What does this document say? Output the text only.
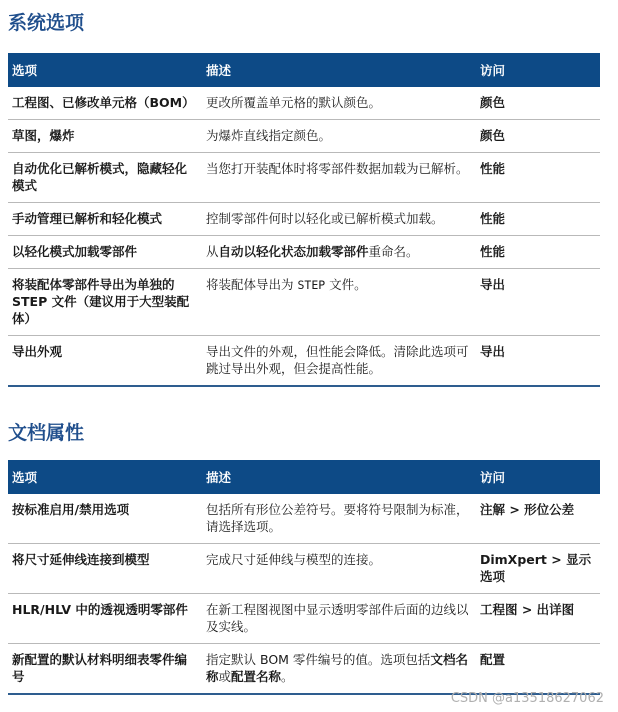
系统选项
选项	描述	访问
工程图、已修改单元格（BOM）	更改所覆盖单元格的默认颜色。	颜色
草图，爆炸	为爆炸直线指定颜色。	颜色
自动优化已解析模式，隐藏轻化模式	当您打开装配体时将零部件数据加载为已解析。	性能
手动管理已解析和轻化模式	控制零部件何时以轻化或已解析模式加载。	性能
以轻化模式加载零部件	从自动以轻化状态加载零部件重命名。	性能
将装配体零部件导出为单独的 STEP 文件（建议用于大型装配体）	将装配体导出为 STEP 文件。	导出
导出外观	导出文件的外观，但性能会降低。清除此选项可跳过导出外观，但会提高性能。	导出
文档属性
选项	描述	访问
按标准启用/禁用选项	包括所有形位公差符号。要将符号限制为标准，请选择选项。	注解 > 形位公差
将尺寸延伸线连接到模型	完成尺寸延伸线与模型的连接。	DimXpert > 显示选项
HLR/HLV 中的透视透明零部件	在新工程图视图中显示透明零部件后面的边线以及实线。	工程图 > 出详图
新配置的默认材料明细表零件编号	指定默认 BOM 零件编号的值。选项包括文档名称或配置名称。	配置
CSDN @a13518627062
